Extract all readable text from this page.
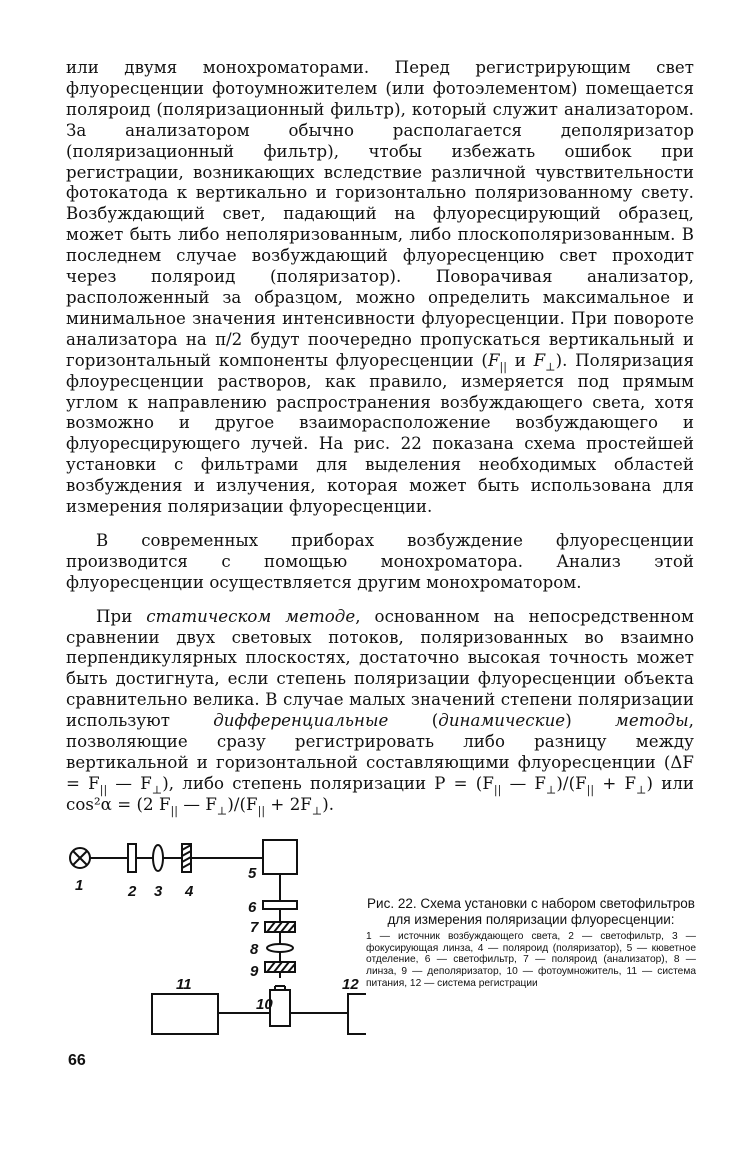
или двумя монохроматорами. Перед регистрирующим свет флуоресценции фотоумножителем (или фотоэлементом) помещается поляроид (поляризационный фильтр), который служит анализатором. За анализатором обычно располагается деполяризатор (поляризационный фильтр), чтобы избежать ошибок при регистрации, возникающих вследствие различной чувствительности фотокатода к вертикально и горизонтально поляризованному свету. Возбуждающий свет, падающий на флуоресцирующий образец, может быть либо неполяризованным, либо плоскополяризованным. В последнем случае возбуждающий флуоресценцию свет проходит через поляроид (поляризатор). Поворачивая анализатор, расположенный за образцом, можно определить максимальное и минимальное значения интенсивности флуоресценции. При повороте анализатора на π/2 будут поочередно пропускаться вертикальный и горизонтальный компоненты флуоресценции ($F_{||}$ и $F_\perp$). Поляризация флоуресценции растворов, как правило, измеряется под прямым углом к направлению распространения возбуждающего света, хотя возможно и другое взаиморасположение возбуждающего и флуоресцирующего лучей. На рис. 22 показана схема простейшей установки с фильтрами для выделения необходимых областей возбуждения и излучения, которая может быть использована для измерения поляризации флуоресценции.

В современных приборах возбуждение флуоресценции производится с помощью монохроматора. Анализ этой флуоресценции осуществляется другим монохроматором.

При статическом методе, основанном на непосредственном сравнении двух световых потоков, поляризованных во взаимно перпендикулярных плоскостях, достаточно высокая точность может быть достигнута, если степень поляризации флуоресценции объекта сравнительно велика. В случае малых значений степени поляризации используют дифференциальные (динамические) методы, позволяющие сразу регистрировать либо разницу между вертикальной и горизонтальной составляющими флуоресценции ($\Delta F = F_{||}$ — $F_\perp$), либо степень поляризации $P = (F_{||}$ — $F_\perp)/(F_{||} + F_\perp)$ или cos²α = (2 $F_{||}$ — $F_\perp)/(F_{||} + 2F_\perp)$.

1	2 3 4
5
6
7
8
9
11
10
12

Рис. 22. Схема установки с набором светофильтров для измерения поляризации флуоресценции:

1 — источник возбуждающего света, 2 — светофильтр, 3 — фокусирующая линза, 4 — поляроид (поляризатор), 5 — кюветное отделение, 6 — светофильтр, 7 — поляроид (анализатор), 8 — линза, 9 — деполяризатор, 10 — фотоумножитель, 11 — система питания, 12 — система регистрации

66
